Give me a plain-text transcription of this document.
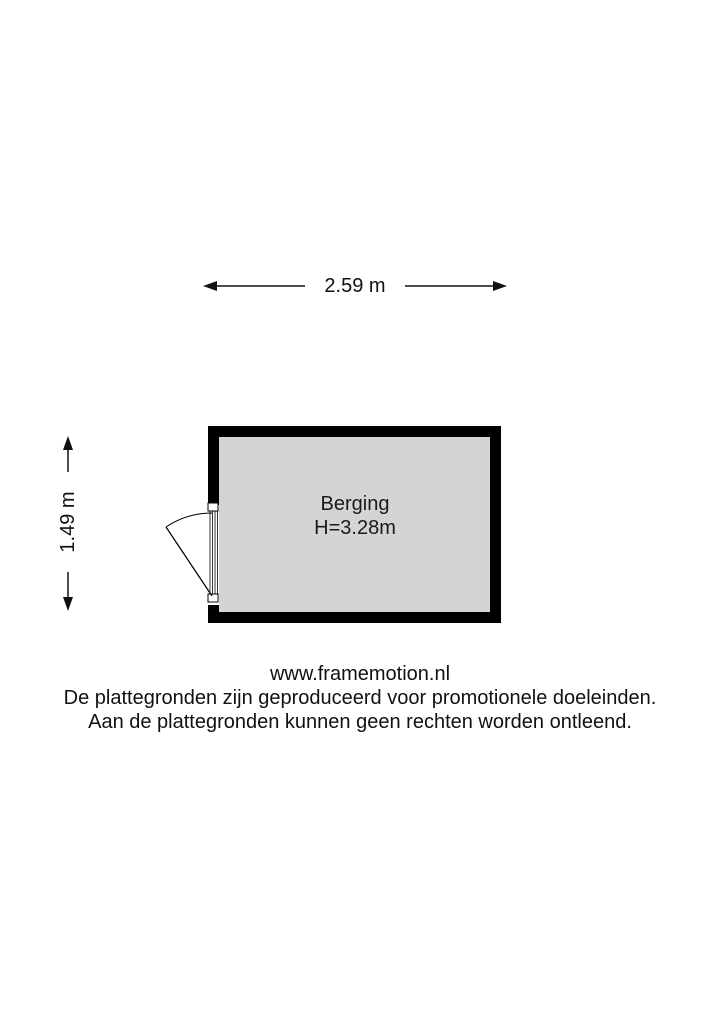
2.59 m
1.49 m	Berging
H=3.28m
www.framemotion.nl
De plattegronden zijn geproduceerd voor promotionele doeleinden.
Aan de plattegronden kunnen geen rechten worden ontleend.
